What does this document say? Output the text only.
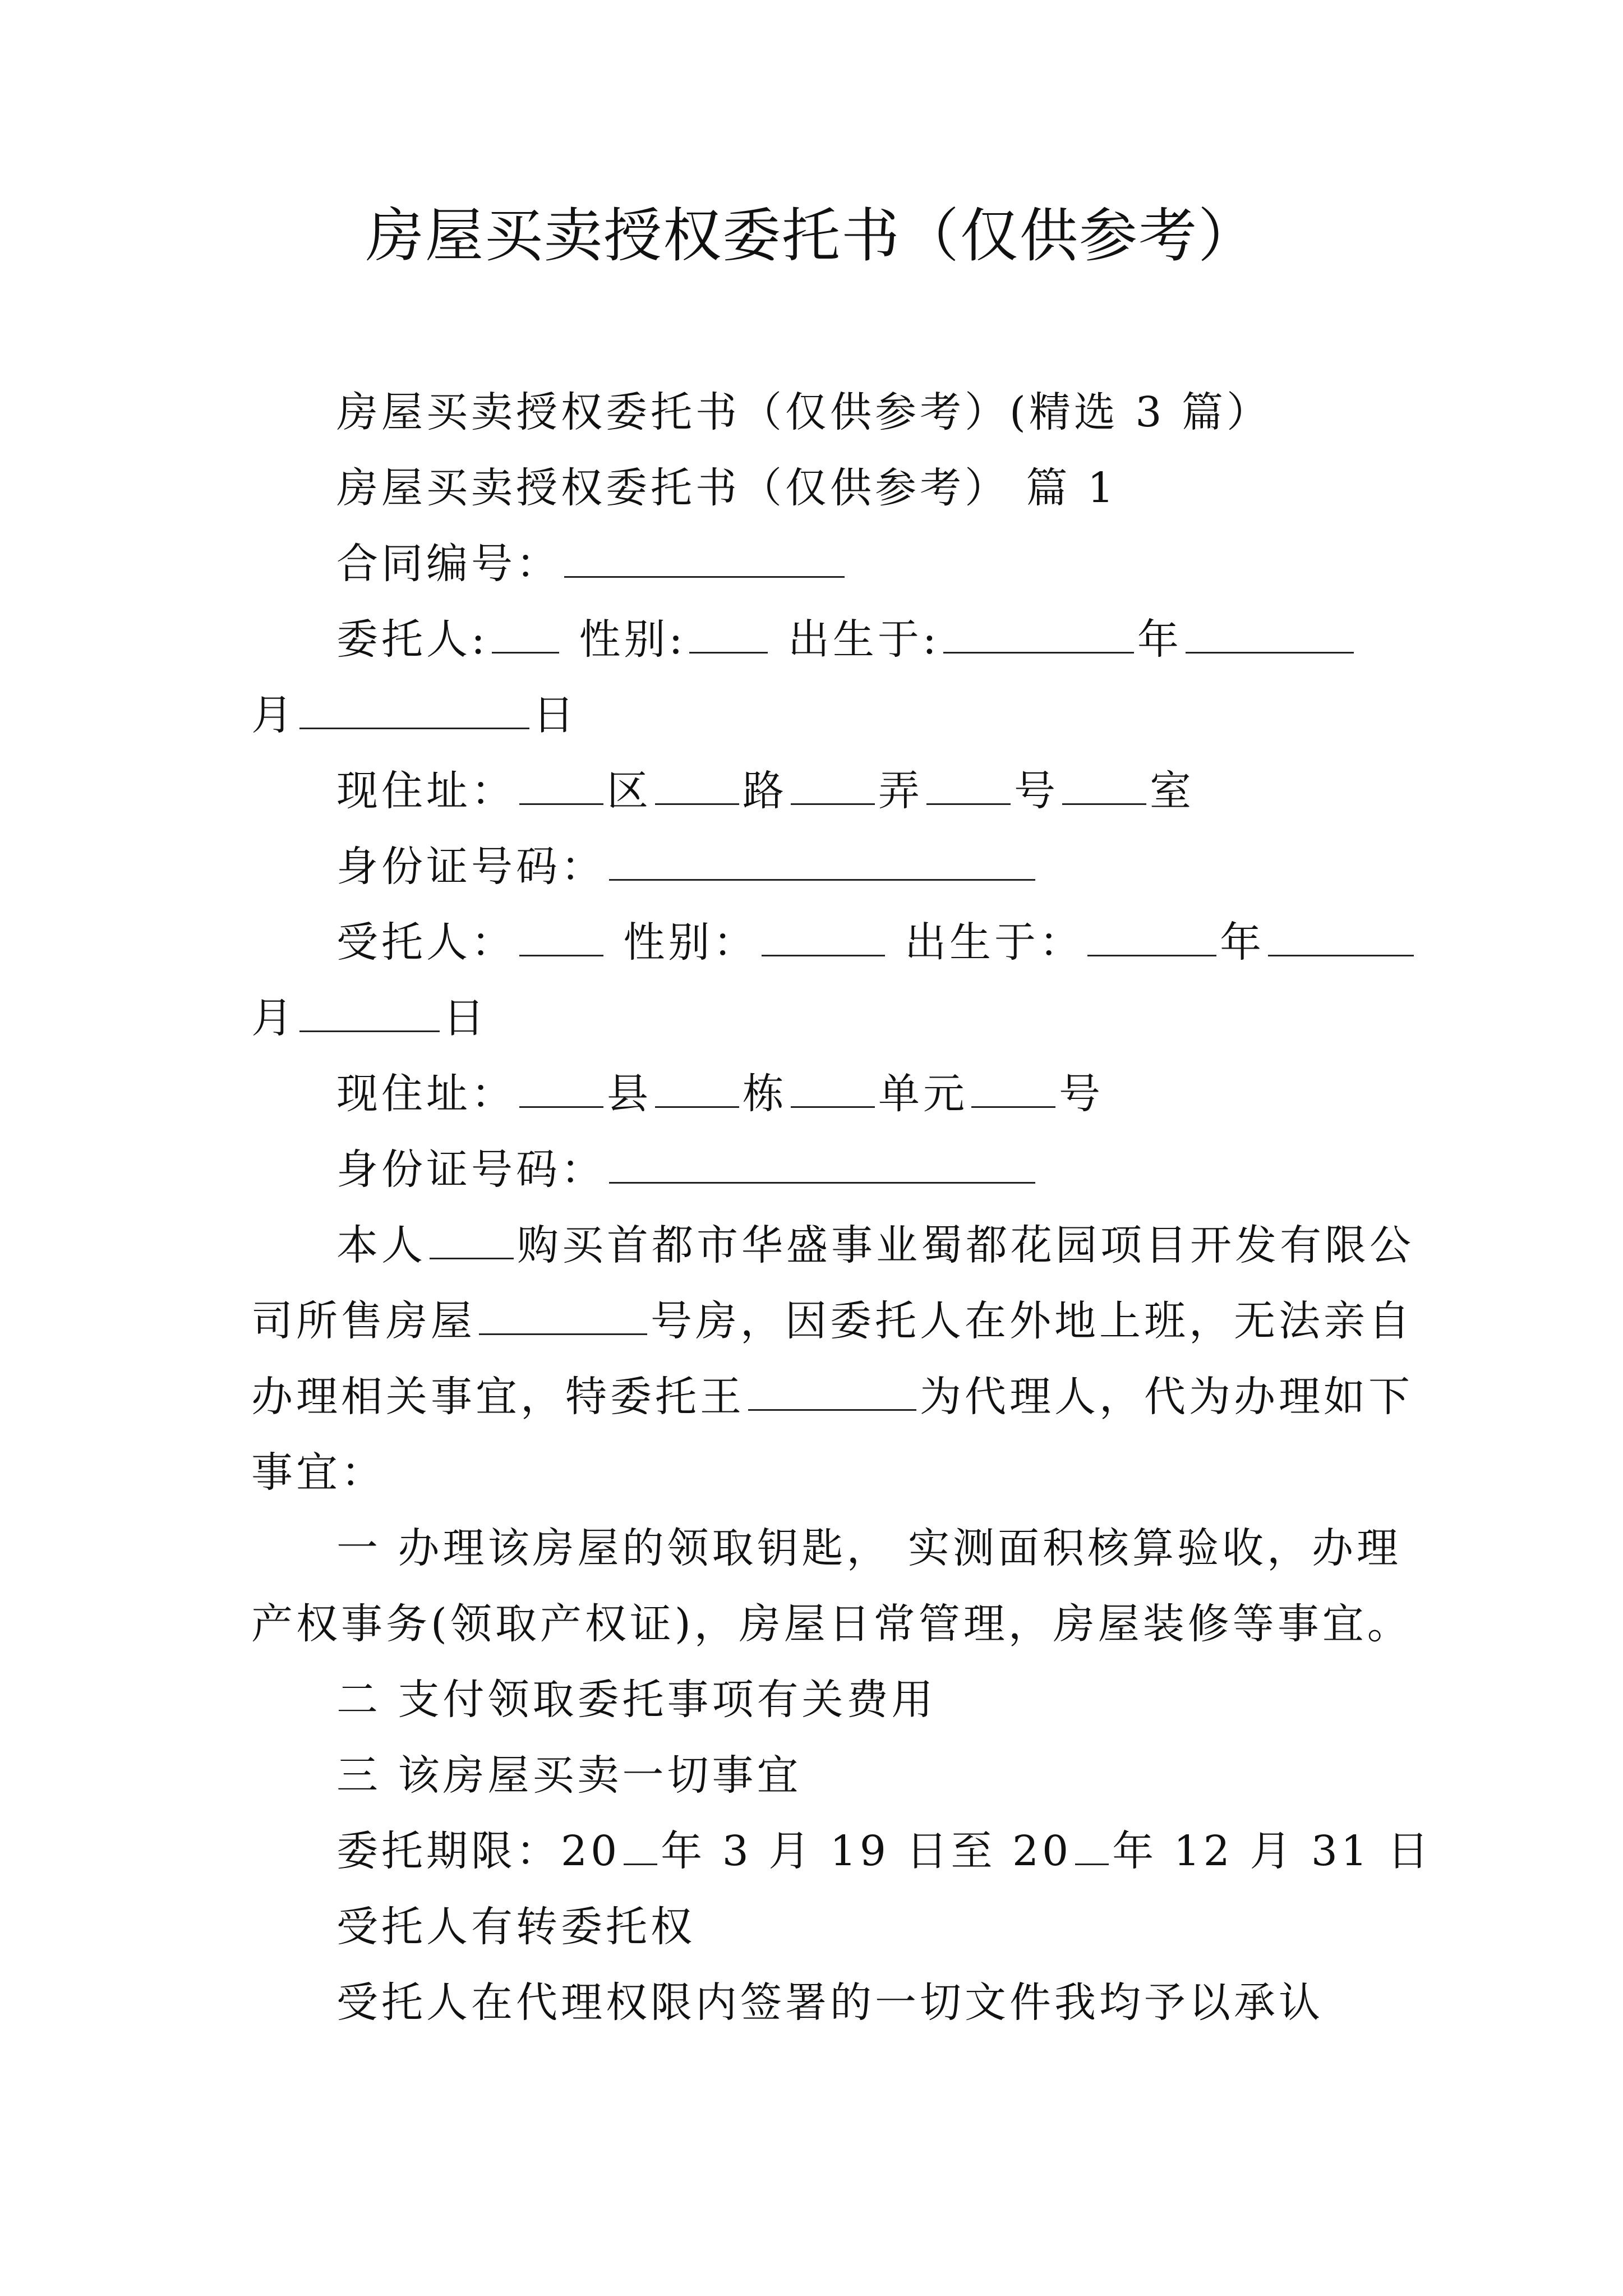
房屋买卖授权委托书（仅供参考）
房屋买卖授权委托书（仅供参考）(精选 3 篇）
房屋买卖授权委托书（仅供参考） 篇 1
合同编号：
委托人: 性别: 出生于:	年
月	日
现住址： 区 路 弄 号 室
身份证号码：
受托人：	性别：	出生于：	年
月	日
现住址： 县 栋 单元 号
身份证号码：
本人 购买首都市华盛事业蜀都花园项目开发有限公
司所售房屋	号房，因委托人在外地上班，无法亲自
办理相关事宜，特委托王	为代理人，代为办理如下
事宜：
一 办理该房屋的领取钥匙， 实测面积核算验收，办理
产权事务(领取产权证)，房屋日常管理，房屋装修等事宜。
二 支付领取委托事项有关费用
三 该房屋买卖一切事宜
委托期限：20 年 3 月 19 日至 20 年 12 月 31 日
受托人有转委托权
受托人在代理权限内签署的一切文件我均予以承认
